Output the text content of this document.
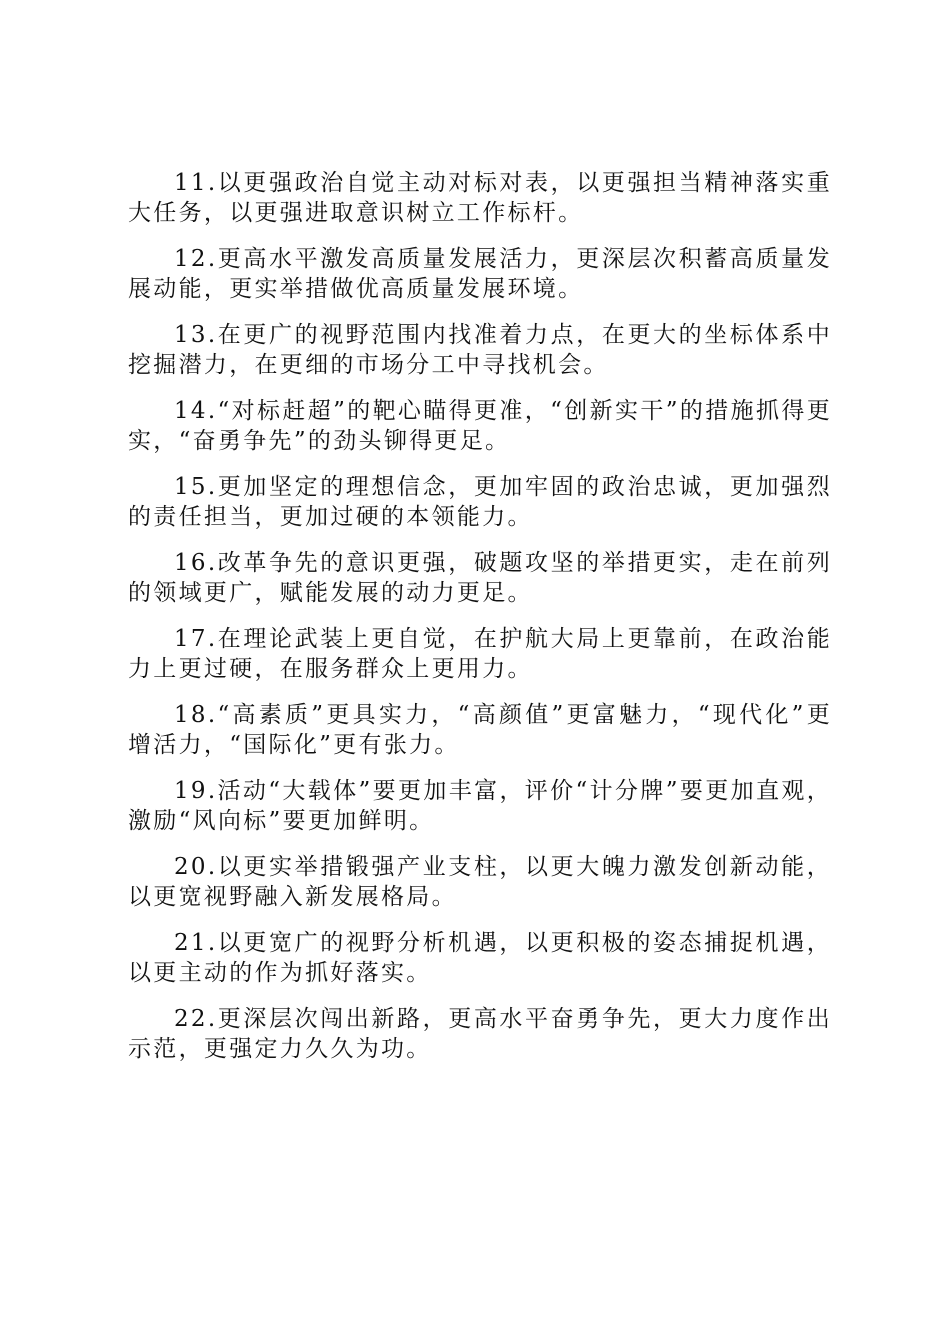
11.以更强政治自觉主动对标对表，以更强担当精神落实重大任务，以更强进取意识树立工作标杆。

12.更高水平激发高质量发展活力，更深层次积蓄高质量发展动能，更实举措做优高质量发展环境。

13.在更广的视野范围内找准着力点，在更大的坐标体系中挖掘潜力，在更细的市场分工中寻找机会。

14.“对标赶超”的靶心瞄得更准，“创新实干”的措施抓得更实，“奋勇争先”的劲头铆得更足。

15.更加坚定的理想信念，更加牢固的政治忠诚，更加强烈的责任担当，更加过硬的本领能力。

16.改革争先的意识更强，破题攻坚的举措更实，走在前列的领域更广，赋能发展的动力更足。

17.在理论武装上更自觉，在护航大局上更靠前，在政治能力上更过硬，在服务群众上更用力。

18.“高素质”更具实力，“高颜值”更富魅力，“现代化”更增活力，“国际化”更有张力。

19.活动“大载体”要更加丰富，评价“计分牌”要更加直观，激励“风向标”要更加鲜明。

20.以更实举措锻强产业支柱，以更大魄力激发创新动能，以更宽视野融入新发展格局。

21.以更宽广的视野分析机遇，以更积极的姿态捕捉机遇，以更主动的作为抓好落实。

22.更深层次闯出新路，更高水平奋勇争先，更大力度作出示范，更强定力久久为功。
